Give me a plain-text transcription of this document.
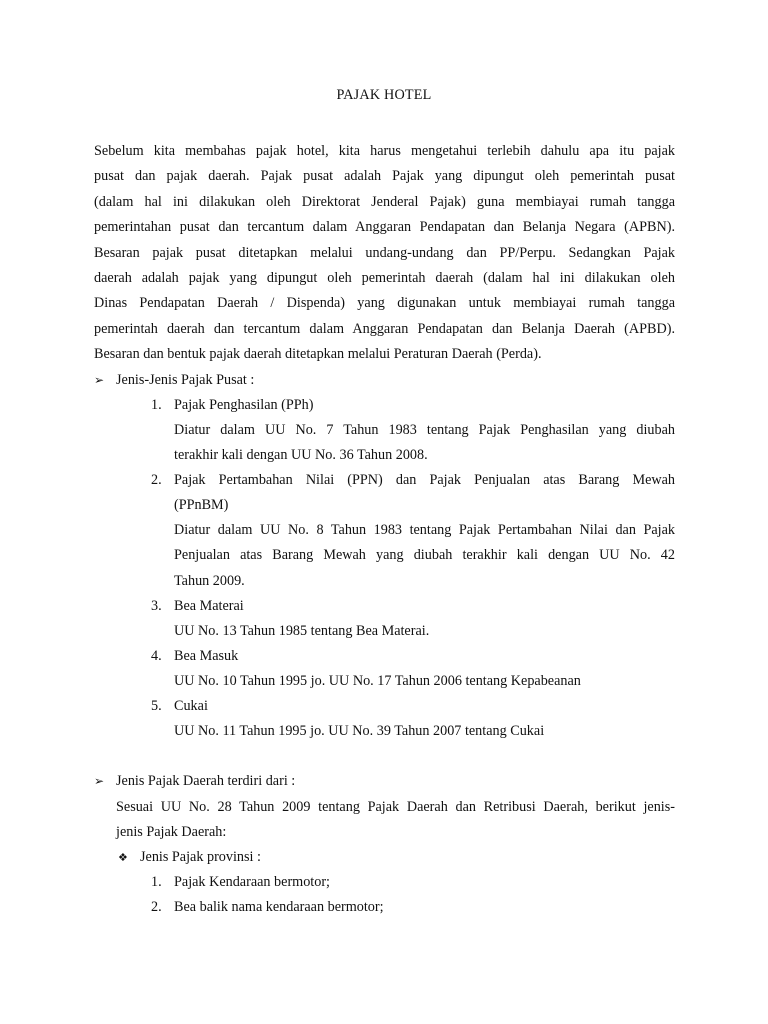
PAJAK HOTEL
Sebelum kita membahas pajak hotel, kita harus mengetahui terlebih dahulu apa itu pajak
pusat dan pajak daerah. Pajak pusat adalah Pajak yang dipungut oleh pemerintah pusat
(dalam hal ini dilakukan oleh Direktorat Jenderal Pajak) guna membiayai rumah tangga
pemerintahan pusat dan tercantum dalam Anggaran Pendapatan dan Belanja Negara (APBN).
Besaran pajak pusat ditetapkan melalui undang-undang dan PP/Perpu. Sedangkan Pajak
daerah adalah pajak yang dipungut oleh pemerintah daerah (dalam hal ini dilakukan oleh
Dinas Pendapatan Daerah / Dispenda) yang digunakan untuk membiayai rumah tangga
pemerintah daerah dan tercantum dalam Anggaran Pendapatan dan Belanja Daerah (APBD).
Besaran dan bentuk pajak daerah ditetapkan melalui Peraturan Daerah (Perda).
➢ Jenis-Jenis Pajak Pusat :
1. Pajak Penghasilan (PPh)
Diatur dalam UU No. 7 Tahun 1983 tentang Pajak Penghasilan yang diubah
terakhir kali dengan UU No. 36 Tahun 2008.
2. Pajak Pertambahan Nilai (PPN) dan Pajak Penjualan atas Barang Mewah
(PPnBM)
Diatur dalam UU No. 8 Tahun 1983 tentang Pajak Pertambahan Nilai dan Pajak
Penjualan atas Barang Mewah yang diubah terakhir kali dengan UU No. 42
Tahun 2009.
3. Bea Materai
UU No. 13 Tahun 1985 tentang Bea Materai.
4. Bea Masuk
UU No. 10 Tahun 1995 jo. UU No. 17 Tahun 2006 tentang Kepabeanan
5. Cukai
UU No. 11 Tahun 1995 jo. UU No. 39 Tahun 2007 tentang Cukai
➢ Jenis Pajak Daerah terdiri dari :
Sesuai UU No. 28 Tahun 2009 tentang Pajak Daerah dan Retribusi Daerah, berikut jenis-
jenis Pajak Daerah:
❖ Jenis Pajak provinsi :
1. Pajak Kendaraan bermotor;
2. Bea balik nama kendaraan bermotor;
